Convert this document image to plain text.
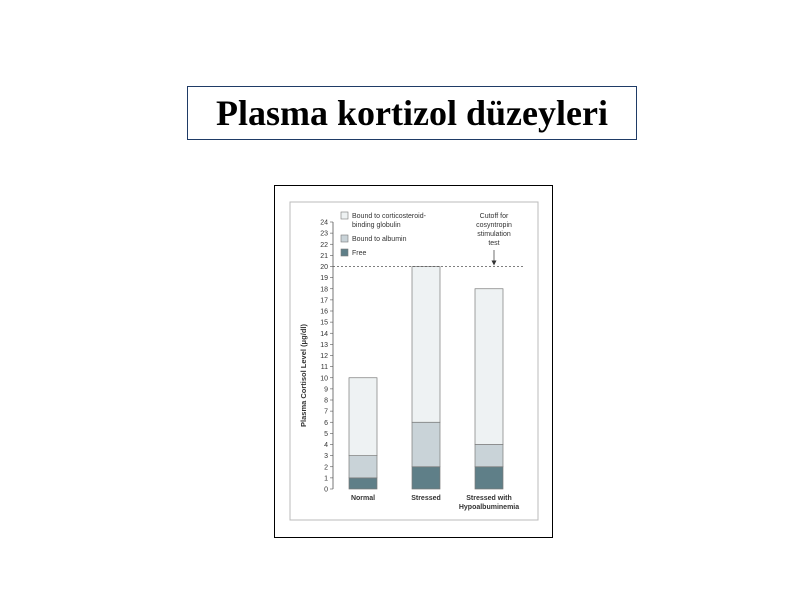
Plasma kortizol düzeyleri
0
1
2
3
4
5
6
7
8
9
10
11
12
13
14
15
16
17
18
19
20
21
22
23
24
Plasma Cortisol Level (μg/dl)
Normal	Stressed	Stressed with
Hypoalbuminemia
Cutoff for
cosyntropin
stimulation
test
Bound to corticosteroid-
binding globulin
Bound to albumin
Free
